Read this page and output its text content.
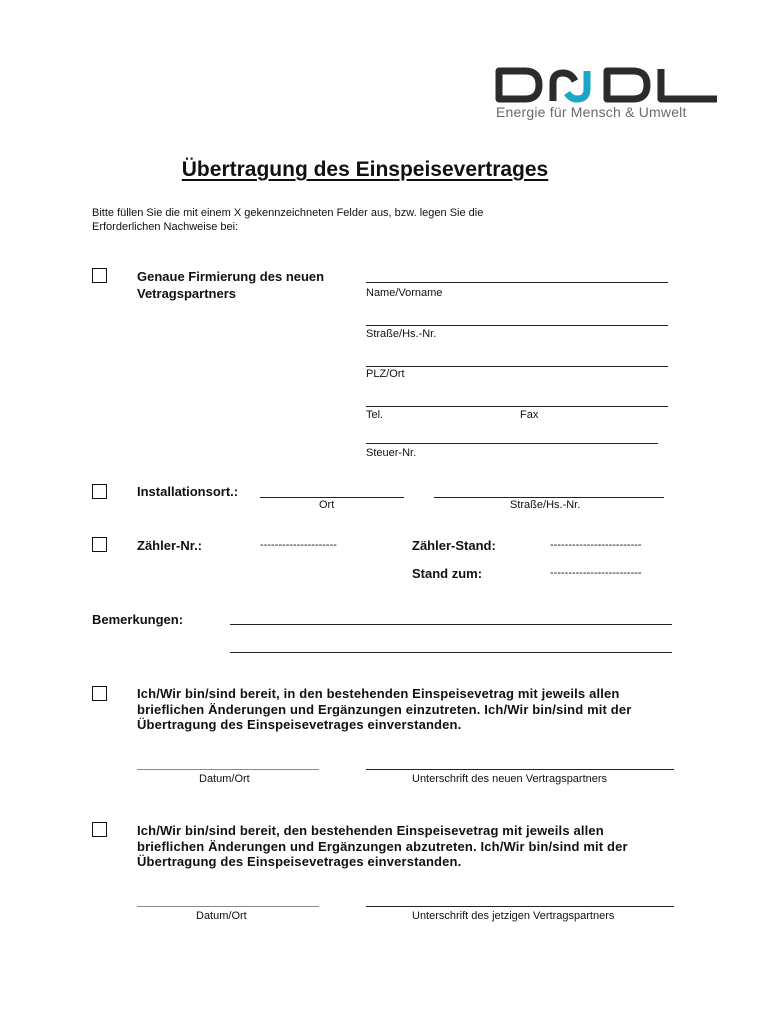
Energie für Mensch & Umwelt
Übertragung des Einspeisevertrages
Bitte füllen Sie die mit einem X gekennzeichneten Felder aus, bzw. legen Sie die
Erforderlichen Nachweise bei:
Genaue Firmierung des neuen
Vetragspartners	Name/Vorname
Straße/Hs.-Nr.
PLZ/Ort
Tel.	Fax
Steuer-Nr.
Installationsort.:
Ort	Straße/Hs.-Nr.
Zähler-Nr.:	---------------------	Zähler-Stand:	-------------------------
Stand zum:	-------------------------
Bemerkungen:
Ich/Wir bin/sind bereit, in den bestehenden Einspeisevetrag mit jeweils allen
brieflichen Änderungen und Ergänzungen einzutreten. Ich/Wir bin/sind mit der
Übertragung des Einspeisevetrages einverstanden.
Datum/Ort	Unterschrift des neuen Vertragspartners
Ich/Wir bin/sind bereit, den bestehenden Einspeisevetrag mit jeweils allen
brieflichen Änderungen und Ergänzungen abzutreten. Ich/Wir bin/sind mit der
Übertragung des Einspeisevetrages einverstanden.
Datum/Ort	Unterschrift des jetzigen Vertragspartners
